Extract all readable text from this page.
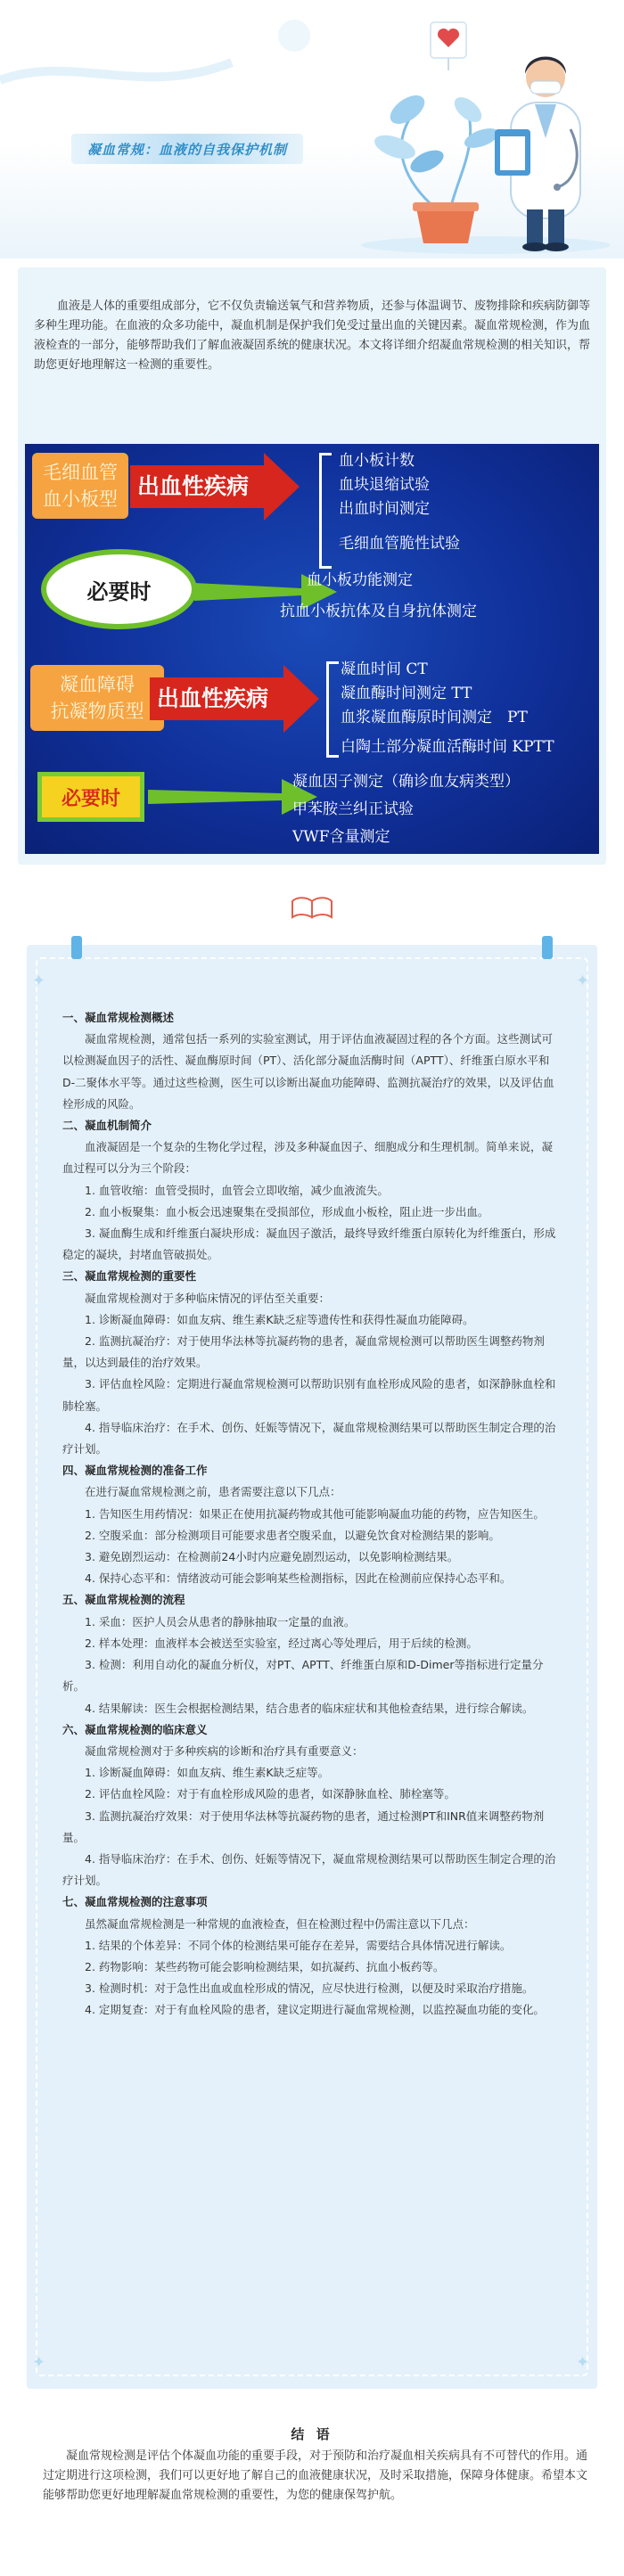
凝血常规：血液的自我保护机制

血液是人体的重要组成部分，它不仅负责输送氧气和营养物质，还参与体温调节、废物排除和疾病防御等多种生理功能。在血液的众多功能中，凝血机制是保护我们免受过量出血的关键因素。凝血常规检测，作为血液检查的一部分，能够帮助我们了解血液凝固系统的健康状况。本文将详细介绍凝血常规检测的相关知识，帮助您更好地理解这一检测的重要性。

毛细血管
血小板型 出血性疾病
血小板计数
血块退缩试验
出血时间测定
毛细血管脆性试验
必要时	血小板功能测定
抗血小板抗体及自身抗体测定
凝血障碍
抗凝物质型 出血性疾病
凝血时间 CT
凝血酶时间测定 TT
血浆凝血酶原时间测定　PT
白陶土部分凝血活酶时间 KPTT
必要时
凝血因子测定（确诊血友病类型）
甲苯胺兰纠正试验
VWF含量测定
✦	✦
✦	✦

一、凝血常规检测概述

凝血常规检测，通常包括一系列的实验室测试，用于评估血液凝固过程的各个方面。这些测试可以检测凝血因子的活性、凝血酶原时间（PT）、活化部分凝血活酶时间（APTT）、纤维蛋白原水平和D-二聚体水平等。通过这些检测，医生可以诊断出凝血功能障碍、监测抗凝治疗的效果，以及评估血栓形成的风险。

二、凝血机制简介

血液凝固是一个复杂的生物化学过程，涉及多种凝血因子、细胞成分和生理机制。简单来说，凝血过程可以分为三个阶段：

1. 血管收缩：血管受损时，血管会立即收缩，减少血液流失。

2. 血小板聚集：血小板会迅速聚集在受损部位，形成血小板栓，阻止进一步出血。

3. 凝血酶生成和纤维蛋白凝块形成：凝血因子激活，最终导致纤维蛋白原转化为纤维蛋白，形成稳定的凝块，封堵血管破损处。

三、凝血常规检测的重要性

凝血常规检测对于多种临床情况的评估至关重要：

1. 诊断凝血障碍：如血友病、维生素K缺乏症等遗传性和获得性凝血功能障碍。

2. 监测抗凝治疗：对于使用华法林等抗凝药物的患者，凝血常规检测可以帮助医生调整药物剂量，以达到最佳的治疗效果。

3. 评估血栓风险：定期进行凝血常规检测可以帮助识别有血栓形成风险的患者，如深静脉血栓和肺栓塞。

4. 指导临床治疗：在手术、创伤、妊娠等情况下，凝血常规检测结果可以帮助医生制定合理的治疗计划。

四、凝血常规检测的准备工作

在进行凝血常规检测之前，患者需要注意以下几点：

1. 告知医生用药情况：如果正在使用抗凝药物或其他可能影响凝血功能的药物，应告知医生。

2. 空腹采血：部分检测项目可能要求患者空腹采血，以避免饮食对检测结果的影响。

3. 避免剧烈运动：在检测前24小时内应避免剧烈运动，以免影响检测结果。

4. 保持心态平和：情绪波动可能会影响某些检测指标，因此在检测前应保持心态平和。

五、凝血常规检测的流程

1. 采血：医护人员会从患者的静脉抽取一定量的血液。

2. 样本处理：血液样本会被送至实验室，经过离心等处理后，用于后续的检测。

3. 检测：利用自动化的凝血分析仪，对PT、APTT、纤维蛋白原和D-Dimer等指标进行定量分析。

4. 结果解读：医生会根据检测结果，结合患者的临床症状和其他检查结果，进行综合解读。

六、凝血常规检测的临床意义

凝血常规检测对于多种疾病的诊断和治疗具有重要意义：

1. 诊断凝血障碍：如血友病、维生素K缺乏症等。

2. 评估血栓风险：对于有血栓形成风险的患者，如深静脉血栓、肺栓塞等。

3. 监测抗凝治疗效果：对于使用华法林等抗凝药物的患者，通过检测PT和INR值来调整药物剂量。

4. 指导临床治疗：在手术、创伤、妊娠等情况下，凝血常规检测结果可以帮助医生制定合理的治疗计划。

七、凝血常规检测的注意事项

虽然凝血常规检测是一种常规的血液检查，但在检测过程中仍需注意以下几点：

1. 结果的个体差异：不同个体的检测结果可能存在差异，需要结合具体情况进行解读。

2. 药物影响：某些药物可能会影响检测结果，如抗凝药、抗血小板药等。

3. 检测时机：对于急性出血或血栓形成的情况，应尽快进行检测，以便及时采取治疗措施。

4. 定期复查：对于有血栓风险的患者，建议定期进行凝血常规检测，以监控凝血功能的变化。

结 语

凝血常规检测是评估个体凝血功能的重要手段，对于预防和治疗凝血相关疾病具有不可替代的作用。通过定期进行这项检测，我们可以更好地了解自己的血液健康状况，及时采取措施，保障身体健康。希望本文能够帮助您更好地理解凝血常规检测的重要性，为您的健康保驾护航。
